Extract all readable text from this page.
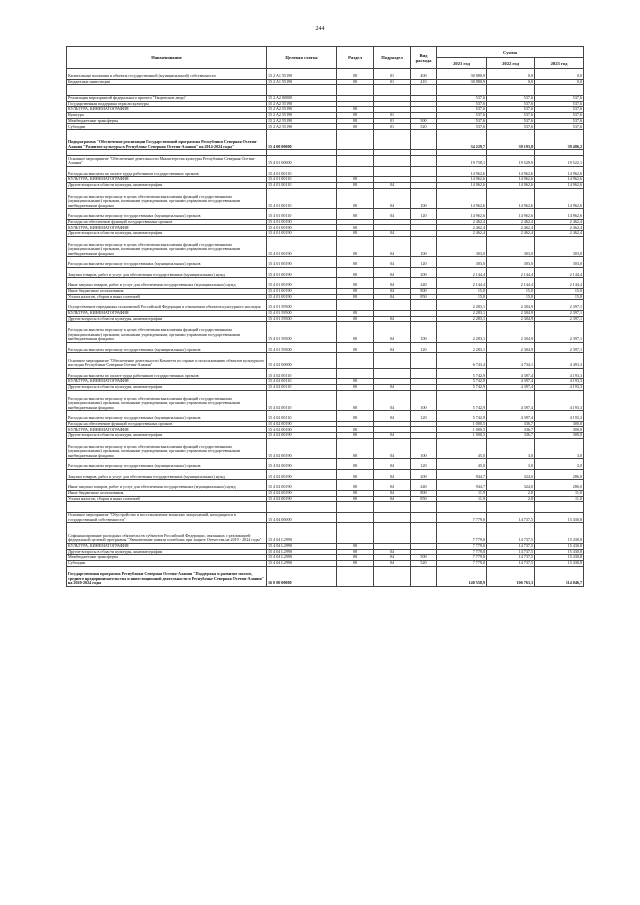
244
Наименование	Целевая статья	Раздел	Подраздел	Вид расхода	Сумма		
					2021 год	2022 год	2023 год
Капитальные вложения в объекты государственной (муниципальной) собственности	15 2 A1 55190	08	01	400	30 880,9	0,0	0,0
Бюджетные инвестиции	15 2 A1 55190	08	01	410	30 880,9	0,0	0,0

Реализация мероприятий федерального проекта "Творческие люди"	15 2 A2 00000				537,6	537,6	537,6
Государственная поддержка отрасли культуры	15 2 A2 55190				537,6	537,6	537,6
КУЛЬТУРА, КИНЕМАТОГРАФИЯ	15 2 A2 55190	08			537,6	537,6	537,6
Культура	15 2 A2 55190	08	01		537,6	537,6	537,6
Межбюджетные трансферты	15 2 A2 55190	08	01	500	537,6	537,6	537,6
Субсидии	15 2 A2 55190	08	01	520	537,6	537,6	537,6
Подпрограмма "Обеспечение реализации Государственной программы Республики Северная Осетия-Алания "Развитие культуры в Республике Северная Осетия-Алания" на 2014-2024 годы"	15 4 00 00000				34 229,7	39 193,8	39 486,2

Основное мероприятие "Обеспечение деятельности Министерства культуры Республики Северная Осетия-Алания"	15 4 01 00000				19 758,1	19 529,9	19 522,1
Расходы на выплаты по оплате труда работников государственных органов	15 4 01 00110				14 962,6	14 962,6	14 962,6
КУЛЬТУРА, КИНЕМАТОГРАФИЯ	15 4 01 00110	08			14 962,6	14 962,6	14 962,6
Другие вопросы в области культуры, кинематографии	15 4 01 00110	08	04		14 962,6	14 962,6	14 962,6
Расходы на выплаты персоналу в целях обеспечения выполнения функций государственными (муниципальными) органами, казенными учреждениями, органами управления государственными внебюджетными фондами	15 4 01 00110	08	04	100	14 962,6	14 962,6	14 962,6
Расходы на выплаты персоналу государственных (муниципальных) органов	15 4 01 00110	08	04	120	14 962,6	14 962,6	14 962,6
Расходы на обеспечение функций государственных органов	15 4 01 00190				2 462,4	2 462,4	2 462,4
КУЛЬТУРА, КИНЕМАТОГРАФИЯ	15 4 01 00190	08			2 462,4	2 462,4	2 462,4
Другие вопросы в области культуры, кинематографии	15 4 01 00190	08	04		2 462,4	2 462,4	2 462,4
Расходы на выплаты персоналу в целях обеспечения выполнения функций государственными (муниципальными) органами, казенными учреждениями, органами управления государственными внебюджетными фондами	15 4 01 00190	08	04	100	303,0	303,0	303,0
Расходы на выплаты персоналу государственных (муниципальных) органов	15 4 01 00190	08	04	120	303,0	303,0	303,0
Закупка товаров, работ и услуг для обеспечения государственных (муниципальных) нужд	15 4 01 00190	08	04	200	2 144,4	2 144,4	2 144,4
Иные закупки товаров, работ и услуг для обеспечения государственных (муниципальных) нужд	15 4 01 00190	08	04	240	2 144,4	2 144,4	2 144,4
Иные бюджетные ассигнования	15 4 01 00190	08	04	800	15,0	15,0	15,0
Уплата налогов, сборов и иных платежей	15 4 01 00190	08	04	850	15,0	15,0	15,0
Осуществление переданных полномочий Российской Федерации в отношении объектов культурного наследия	15 4 01 59500				2 283,1	2 304,9	2 397,1
КУЛЬТУРА, КИНЕМАТОГРАФИЯ	15 4 01 59500	08			2 283,1	2 304,9	2 397,1
Другие вопросы в области культуры, кинематографии	15 4 01 59500	08	04		2 283,1	2 304,9	2 397,1
Расходы на выплаты персоналу в целях обеспечения выполнения функций государственными (муниципальными) органами, казенными учреждениями, органами управления государственными внебюджетными фондами	15 4 01 59500	08	04	100	2 283,1	2 304,9	2 397,1
Расходы на выплаты персоналу государственных (муниципальных) органов	15 4 01 59500	08	04	120	2 283,1	2 304,9	2 397,1
Основное мероприятие "Обеспечение деятельности Комитета по охране и использованию объектов культурного наследия Республики Северная Осетия-Алания"	15 4 02 00000				6 743,4	4 734,1	4 493,3
Расходы на выплаты по оплате труда работников государственных органов	15 4 02 00110				5 742,9	4 397,4	4 193,3
КУЛЬТУРА, КИНЕМАТОГРАФИЯ	15 4 02 00110	08			5 742,9	4 397,4	4 193,3
Другие вопросы в области культуры, кинематографии	15 4 02 00110	08	04		5 742,9	4 397,4	4 193,3
Расходы на выплаты персоналу в целях обеспечения выполнения функций государственными (муниципальными) органами, казенными учреждениями, органами управления государственными внебюджетными фондами	15 4 02 00110	08	04	100	5 742,9	4 397,4	4 193,3
Расходы на выплаты персоналу государственных (муниципальных) органов	15 4 02 00110	08	04	120	5 742,9	4 397,4	4 193,3
Расходы на обеспечение функций государственных органов	15 4 02 00190				1 000,5	336,7	300,0
КУЛЬТУРА, КИНЕМАТОГРАФИЯ	15 4 02 00190	08			1 000,5	336,7	300,0
Другие вопросы в области культуры, кинематографии	15 4 02 00190	08	04		1 000,5	336,7	300,0
Расходы на выплаты персоналу в целях обеспечения выполнения функций государственными (муниципальными) органами, казенными учреждениями, органами управления государственными внебюджетными фондами	15 4 02 00190	08	04	100	45,0	3,0	3,0
Расходы на выплаты персоналу государственных (муниципальных) органов	15 4 02 00190	08	04	120	45,0	3,0	3,0
Закупка товаров, работ и услуг для обеспечения государственных (муниципальных) нужд	15 4 02 00190	08	04	200	944,7	324,0	286,0
Иные закупки товаров, работ и услуг для обеспечения государственных (муниципальных) нужд	15 4 02 00190	08	04	240	944,7	324,0	286,0
Иные бюджетные ассигнования	15 4 02 00190	08	04	800	11,9	2,0	11,0
Уплата налогов, сборов и иных платежей	15 4 02 00190	08	04	850	11,9	2,0	11,0

Основное мероприятие "Обустройство и восстановление воинских захоронений, находящихся в государственной собственности"	15 4 04 00000				7 779,0	14 737,5	15 430,8
Софинансирование расходных обязательств субъектов Российской Федерации, связанных с реализацией федеральной целевой программы "Увековечение памяти погибших при защите Отечества на 2019 - 2024 годы"	15 4 04 L2990				7 779,0	14 737,5	15 430,8
КУЛЬТУРА, КИНЕМАТОГРАФИЯ	15 4 04 L2990	08			7 779,0	14 737,5	15 430,8
Другие вопросы в области культуры, кинематографии	15 4 04 L2990	08	04		7 779,0	14 737,5	15 430,8
Межбюджетные трансферты	15 4 04 L2990	08	04	500	7 779,0	14 737,5	15 430,8
Субсидии	15 4 04 L2990	08	04	520	7 779,0	14 737,5	15 430,8
Государственная программа Республики Северная Осетия-Алания "Поддержка и развитие малого, среднего предпринимательства и инвестиционной деятельности в Республике Северная Осетия-Алания" на 2020-2024 годы	16 0 00 00000				140 558,9	106 763,3	114 046,7
